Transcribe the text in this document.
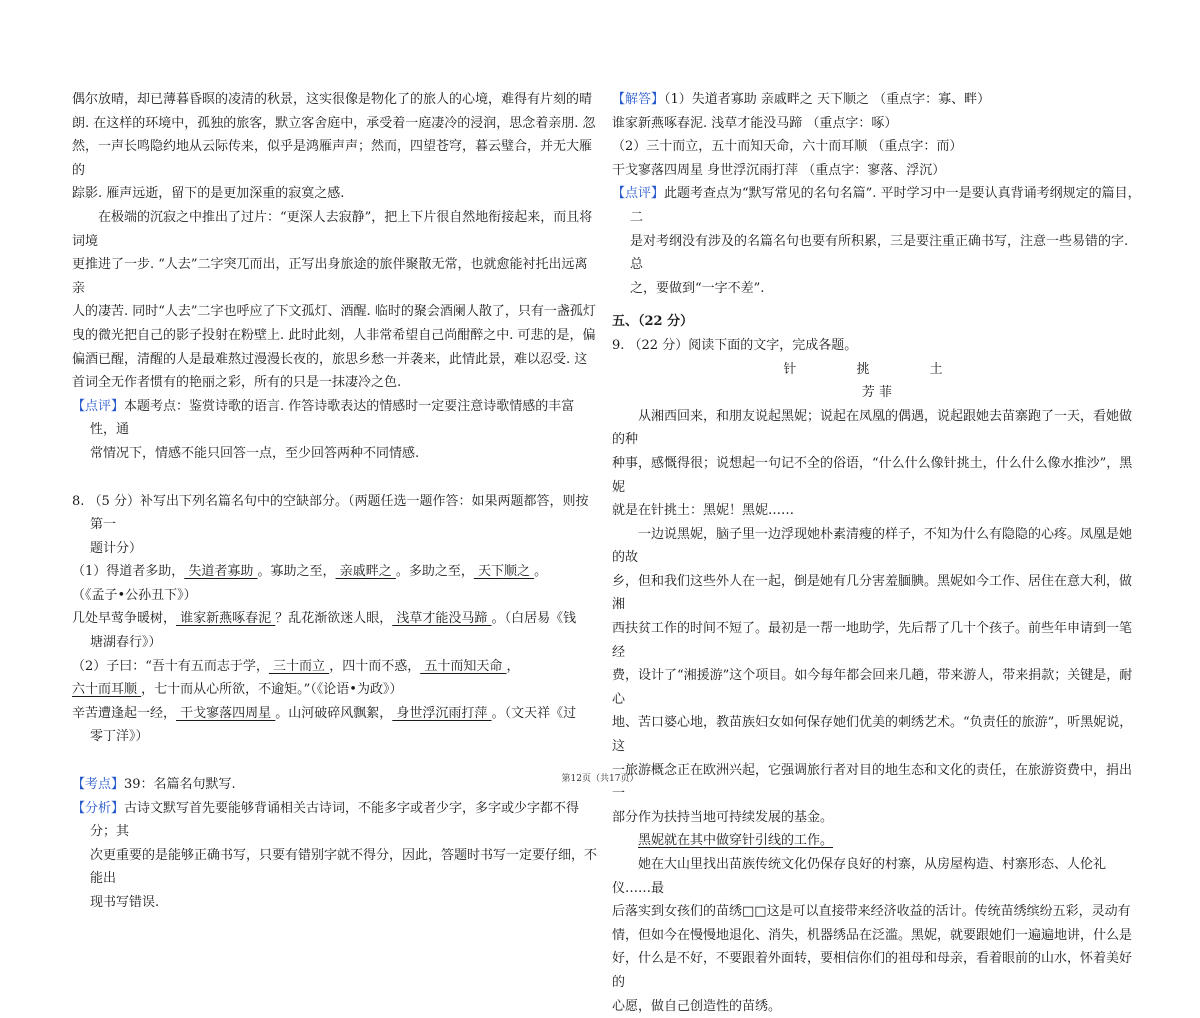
偶尔放晴，却已薄暮昏暝的凌清的秋景，这实很像是物化了的旅人的心境，难得有片刻的晴
朗. 在这样的环境中，孤独的旅客，默立客舍庭中，承受着一庭凄冷的浸润，思念着亲朋. 忽
然，一声长鸣隐约地从云际传来，似乎是鸿雁声声；然而，四望苍穹，暮云璧合，并无大雁的
踪影. 雁声远逝，留下的是更加深重的寂寞之感.

在极端的沉寂之中推出了过片：“更深人去寂静”，把上下片很自然地衔接起来，而且将词境
更推进了一步. “人去”二字突兀而出，正写出身旅途的旅伴聚散无常，也就愈能衬托出远离亲
人的凄苦. 同时“人去”二字也呼应了下文孤灯、酒醒. 临时的聚会酒阑人散了，只有一盏孤灯
曳的微光把自己的影子投射在粉壁上. 此时此刻，人非常希望自己尚酣醉之中. 可悲的是，偏
偏酒已醒，清醒的人是最难熬过漫漫长夜的，旅思乡愁一并袭来，此情此景，难以忍受. 这
首词全无作者惯有的艳丽之彩，所有的只是一抹凄冷之色.

【点评】本题考点：鉴赏诗歌的语言. 作答诗歌表达的情感时一定要注意诗歌情感的丰富性，通
常情况下，情感不能只回答一点，至少回答两种不同情感.

8. （5 分）补写出下列名篇名句中的空缺部分。（两题任选一题作答：如果两题都答，则按第一
题计分）

（1）得道者多助， 失道者寡助 。寡助之至， 亲戚畔之 。多助之至， 天下顺之 。

（《孟子•公孙丑下》）

几处早莺争暖树， 谁家新燕啄春泥 ？乱花渐欲迷人眼， 浅草才能没马蹄 。（白居易《钱
塘湖春行》）

（2）子曰：“吾十有五而志于学， 三十而立 ，四十而不惑， 五十而知天命 ，
六十而耳顺 ，七十而从心所欲，不逾矩。”（《论语•为政》）

辛苦遭逢起一经， 干戈寥落四周星 。山河破碎风飘絮， 身世浮沉雨打萍 。（文天祥《过
零丁洋》）

【考点】39：名篇名句默写.

【分析】古诗文默写首先要能够背诵相关古诗词，不能多字或者少字，多字或少字都不得分；其
次更重要的是能够正确书写，只要有错别字就不得分，因此，答题时书写一定要仔细，不能出
现书写错误.

【解答】（1）失道者寡助 亲戚畔之 天下顺之 （重点字：寡、畔）
谁家新燕啄春泥. 浅草才能没马蹄 （重点字：啄）
（2）三十而立，五十而知天命，六十而耳顺 （重点字：而）
干戈寥落四周星 身世浮沉雨打萍 （重点字：寥落、浮沉）

【点评】此题考查点为“默写常见的名句名篇”. 平时学习中一是要认真背诵考纲规定的篇目，二
是对考纲没有涉及的名篇名句也要有所积累，三是要注重正确书写，注意一些易错的字. 总
之，要做到“一字不差”.

五、（22 分）

9. （22 分）阅读下面的文字，完成各题。

针 挑 土

芳 菲

从湘西回来，和朋友说起黑妮；说起在凤凰的偶遇，说起跟她去苗寨跑了一天，看她做的种
种事，感慨得很；说想起一句记不全的俗语，“什么什么像针挑土，什么什么像水推沙”，黑妮
就是在针挑土：黑妮！黑妮……

一边说黑妮，脑子里一边浮现她朴素清瘦的样子，不知为什么有隐隐的心疼。凤凰是她的故
乡，但和我们这些外人在一起，倒是她有几分害羞腼腆。黑妮如今工作、居住在意大利，做湘
西扶贫工作的时间不短了。最初是一帮一地助学，先后帮了几十个孩子。前些年申请到一笔经
费，设计了“湘援游”这个项目。如今每年都会回来几趟，带来游人，带来捐款；关键是，耐心
地、苦口婆心地，教苗族妇女如何保存她们优美的刺绣艺术。“负责任的旅游”，听黑妮说，这
一旅游概念正在欧洲兴起，它强调旅行者对目的地生态和文化的责任，在旅游资费中，捐出一
部分作为扶持当地可持续发展的基金。

黑妮就在其中做穿针引线的工作。

她在大山里找出苗族传统文化仍保存良好的村寨，从房屋构造、村寨形态、人伦礼仪……最
后落实到女孩们的苗绣□□这是可以直接带来经济收益的活计。传统苗绣缤纷五彩，灵动有
情，但如今在慢慢地退化、消失，机器绣品在泛滥。黑妮，就要跟她们一遍遍地讲，什么是
好，什么是不好，不要跟着外面转，要相信你们的祖母和母亲，看着眼前的山水，怀着美好的
心愿，做自己创造性的苗绣。

第12页（共17页）
